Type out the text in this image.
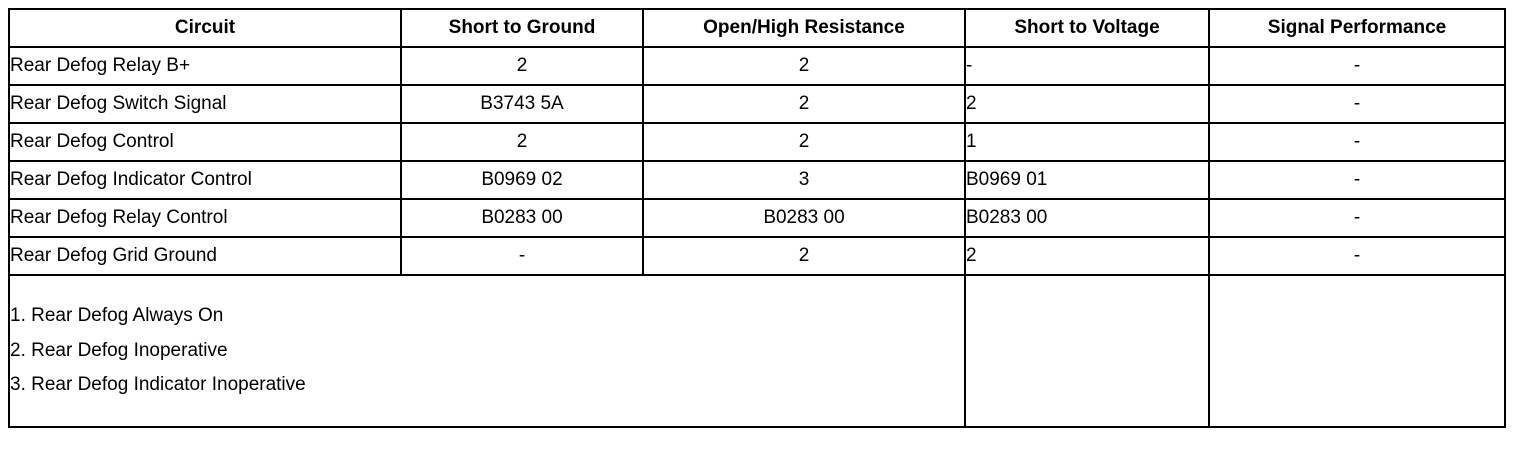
Circuit	Short to Ground	Open/High Resistance	Short to Voltage	Signal Performance
Rear Defog Relay B+	2	2	-	-
Rear Defog Switch Signal	B3743 5A	2	2	-
Rear Defog Control	2	2	1	-
Rear Defog Indicator Control	B0969 02	3	B0969 01	-
Rear Defog Relay Control	B0283 00	B0283 00	B0283 00	-
Rear Defog Grid Ground	-	2	2	-

1. Rear Defog Always On
2. Rear Defog Inoperative
3. Rear Defog Indicator Inoperative				
